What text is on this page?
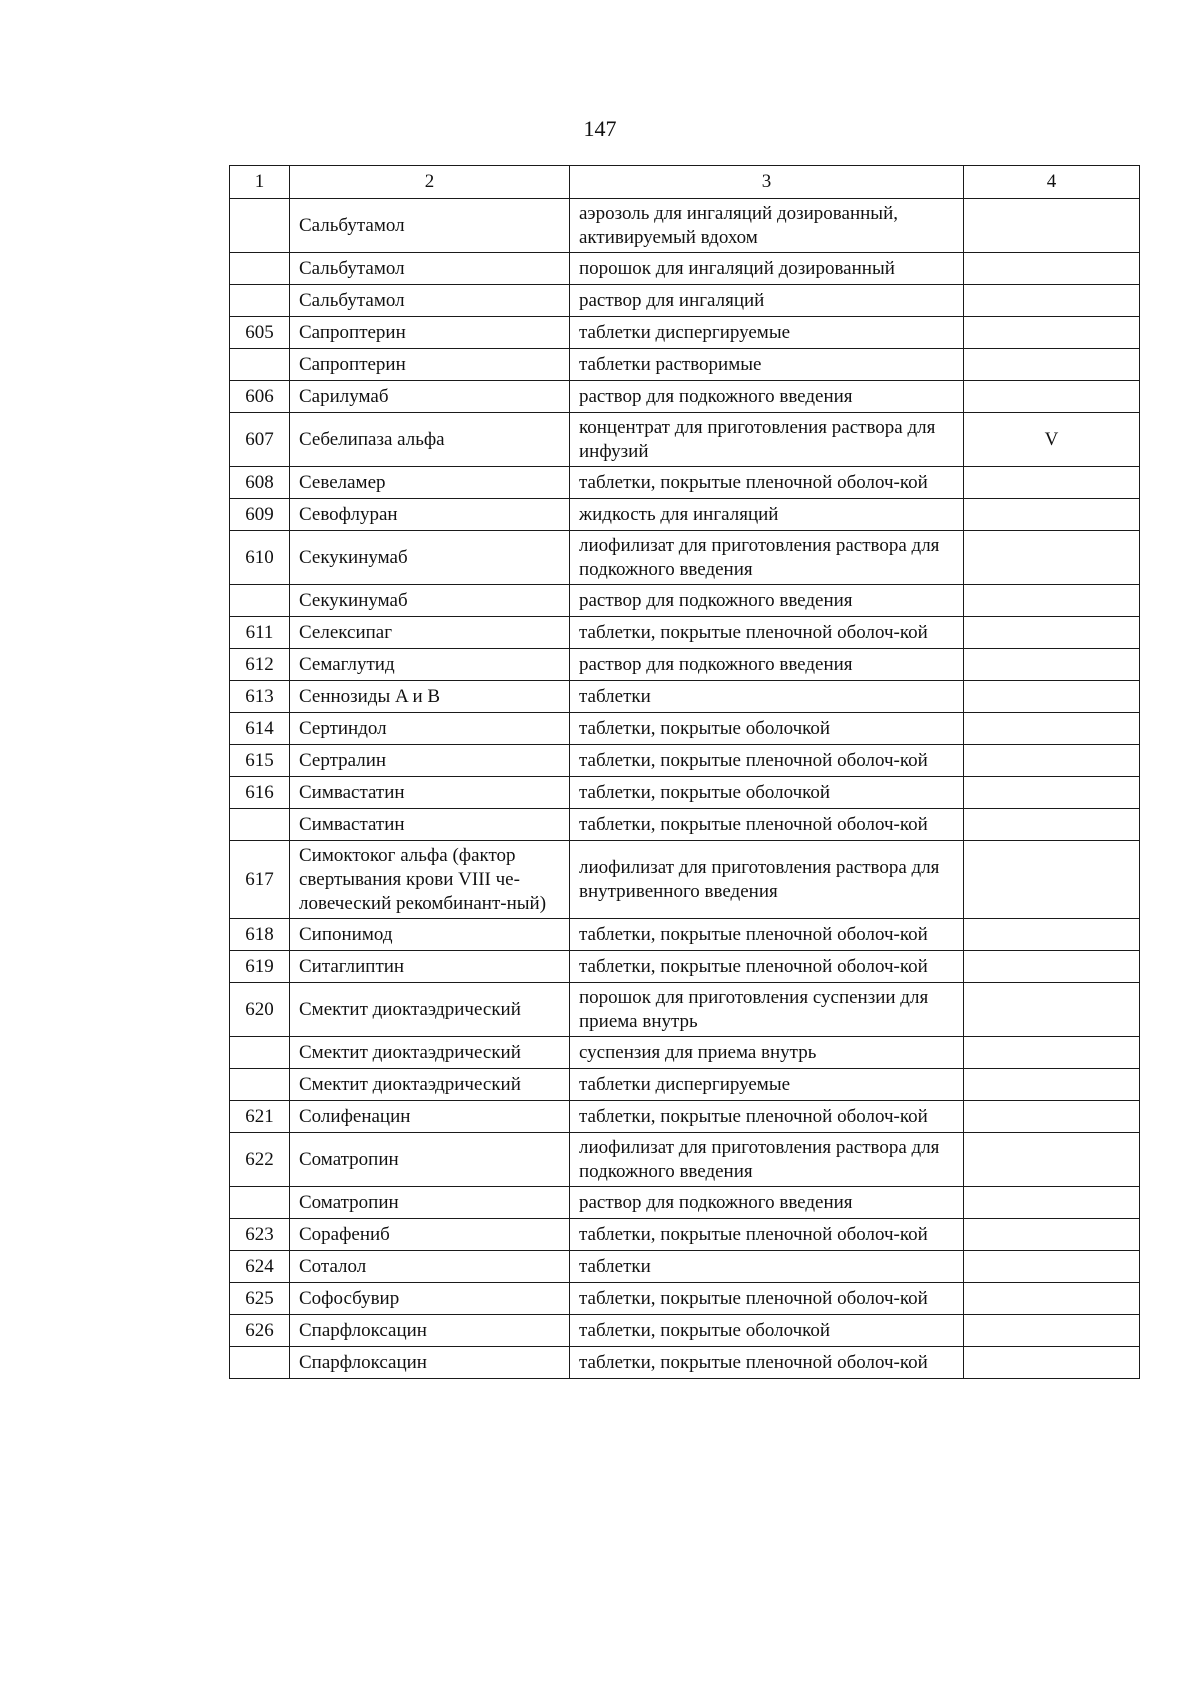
147
1	2	3	4
	Сальбутамол	аэрозоль для ингаляций дозированный, активируемый вдохом	
	Сальбутамол	порошок для ингаляций дозированный	
	Сальбутамол	раствор для ингаляций	
605	Сапроптерин	таблетки диспергируемые	
	Сапроптерин	таблетки растворимые	
606	Сарилумаб	раствор для подкожного введения	
607	Себелипаза альфа	концентрат для приготовления раствора для инфузий	V
608	Севеламер	таблетки, покрытые пленочной оболоч-кой	
609	Севофлуран	жидкость для ингаляций	
610	Секукинумаб	лиофилизат для приготовления раствора для подкожного введения	
	Секукинумаб	раствор для подкожного введения	
611	Селексипаг	таблетки, покрытые пленочной оболоч-кой	
612	Семаглутид	раствор для подкожного введения	
613	Сеннозиды A и B	таблетки	
614	Сертиндол	таблетки, покрытые оболочкой	
615	Сертралин	таблетки, покрытые пленочной оболоч-кой	
616	Симвастатин	таблетки, покрытые оболочкой	
	Симвастатин	таблетки, покрытые пленочной оболоч-кой	
617	Симоктоког альфа (фактор свертывания крови VIII че-ловеческий рекомбинант-ный)	лиофилизат для приготовления раствора для внутривенного введения	
618	Сипонимод	таблетки, покрытые пленочной оболоч-кой	
619	Ситаглиптин	таблетки, покрытые пленочной оболоч-кой	
620	Смектит диоктаэдрический	порошок для приготовления суспензии для приема внутрь	
	Смектит диоктаэдрический	суспензия для приема внутрь	
	Смектит диоктаэдрический	таблетки диспергируемые	
621	Солифенацин	таблетки, покрытые пленочной оболоч-кой	
622	Соматропин	лиофилизат для приготовления раствора для подкожного введения	
	Соматропин	раствор для подкожного введения	
623	Сорафениб	таблетки, покрытые пленочной оболоч-кой	
624	Соталол	таблетки	
625	Софосбувир	таблетки, покрытые пленочной оболоч-кой	
626	Спарфлоксацин	таблетки, покрытые оболочкой	
	Спарфлоксацин	таблетки, покрытые пленочной оболоч-кой	
